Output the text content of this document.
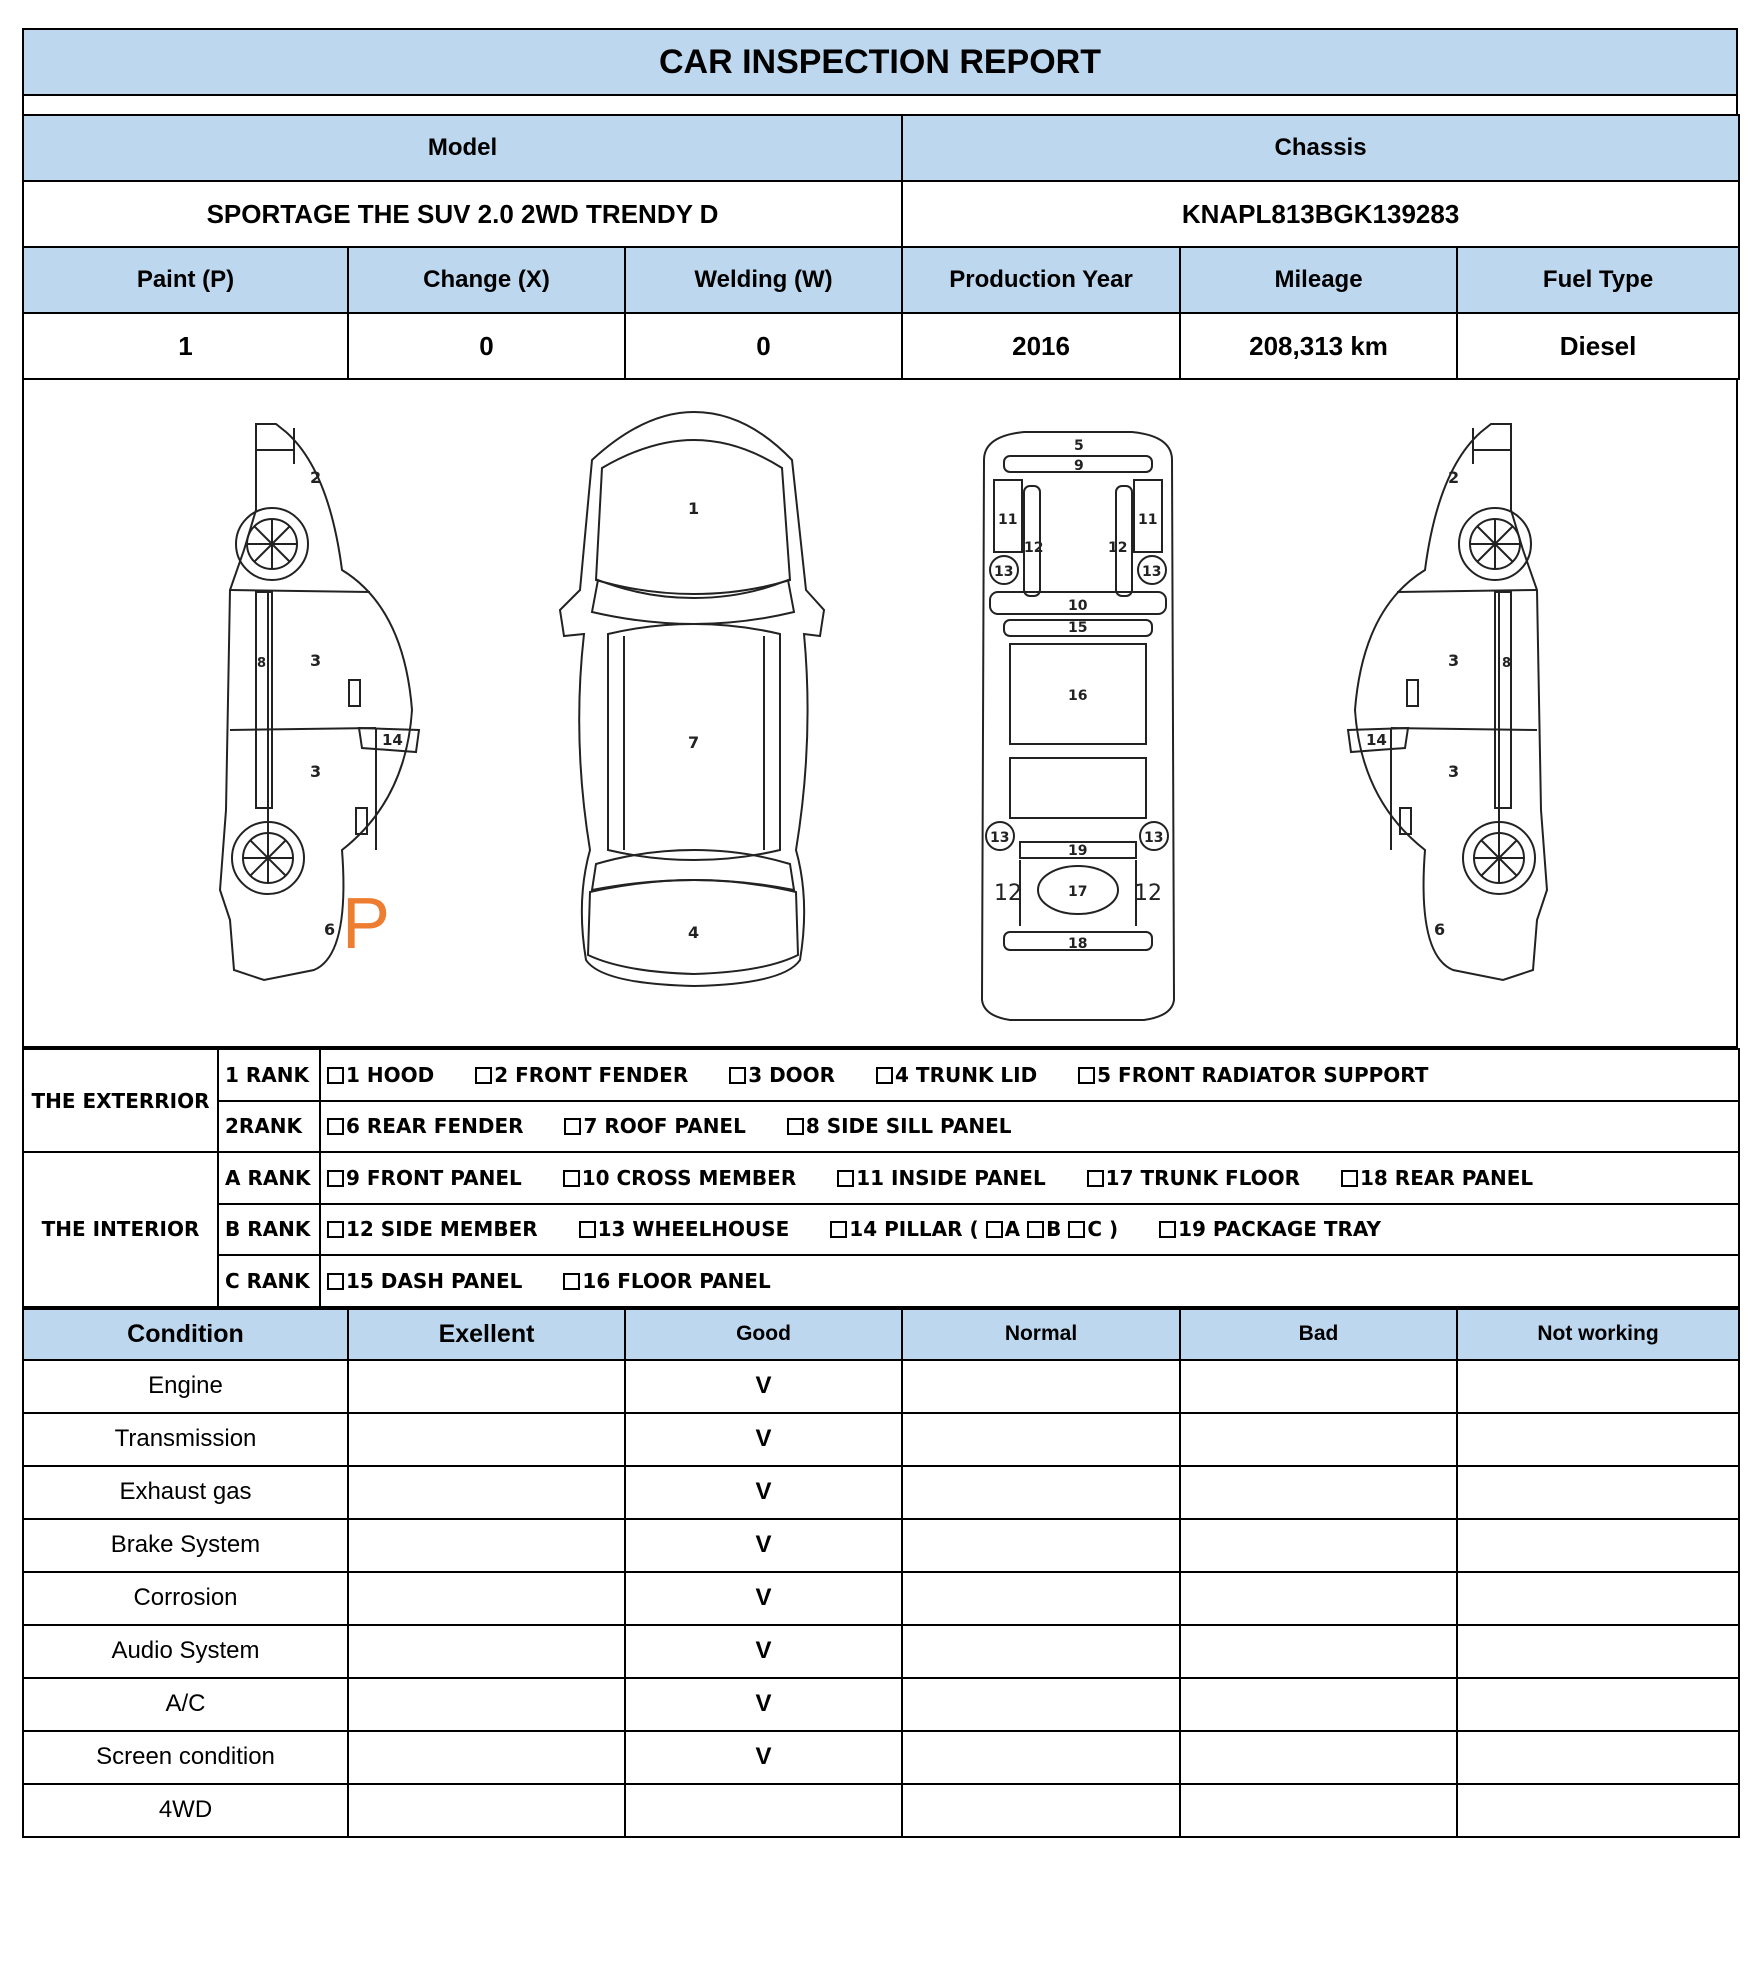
CAR INSPECTION REPORT
Model			Chassis		
SPORTAGE THE SUV 2.0 2WD TRENDY D			KNAPL813BGK139283		
Paint (P)	Change (X)	Welding (W)	Production Year	Mileage	Fuel Type
1	0	0	2016	208,313 km	Diesel
2
8	3
3
14
6 P
1
7
4
5
9
11	11
12	12
13	13
10
15
16
19
13	13
12	17 12
18
2
8
3
3
14
6
THE EXTERRIOR	1 RANK	1 HOOD 2 FRONT FENDER 3 DOOR 4 TRUNK LID 5 FRONT RADIATOR SUPPORT
	2RANK	6 REAR FENDER 7 ROOF PANEL 8 SIDE SILL PANEL
THE INTERIOR	A RANK	9 FRONT PANEL 10 CROSS MEMBER 11 INSIDE PANEL 17 TRUNK FLOOR 18 REAR PANEL
	B RANK	12 SIDE MEMBER 13 WHEELHOUSE 14 PILLAR ( A B C ) 19 PACKAGE TRAY
	C RANK	15 DASH PANEL 16 FLOOR PANEL
Condition	Exellent	Good	Normal	Bad	Not working
Engine		V			
Transmission		V			
Exhaust gas		V			
Brake System		V			
Corrosion		V			
Audio System		V			
A/C		V			
Screen condition		V			
4WD					
